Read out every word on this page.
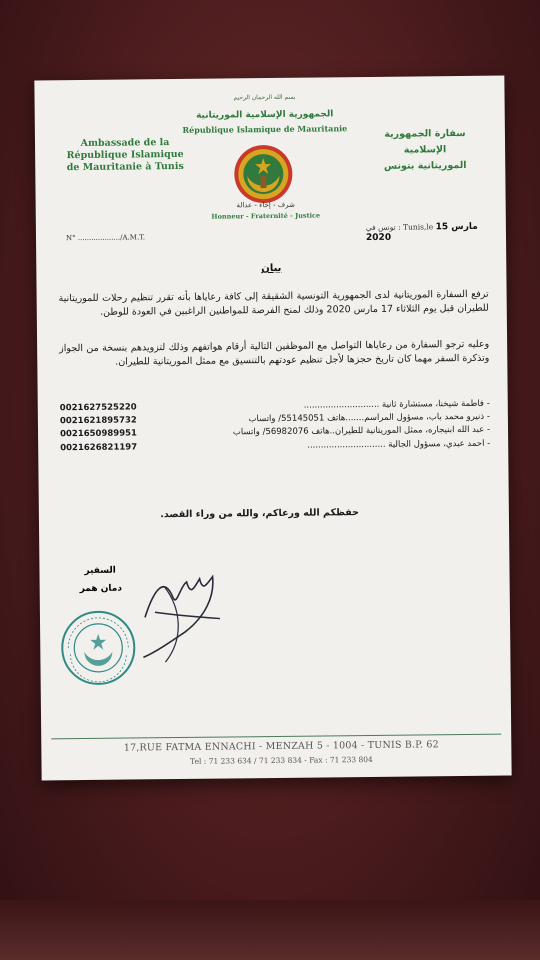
بسم الله الرحمان الرحيم
الجمهورية الإسلامية الموريتانية
République Islamique de Mauritanie
شرف - إخاء - عدالة
Honneur - Fraternité - Justice
Ambassade de la
République Islamique
de Mauritanie à Tunis
سفارة الجمهورية الإسلامية
الموريتانية بتونس
N° .................../A.M.T.
تونس في : Tunis,le 15 مارس 2020
بيان
ترفع السفارة الموريتانية لدى الجمهورية التونسية الشقيقة إلى كافة رعاياها بأنه تقرر تنظيم رحلات للموريتانية للطيران قبل يوم الثلاثاء 17 مارس 2020 وذلك لمنح الفرصة للمواطنين الراغبين في العودة للوطن.
وعليه ترجو السفارة من رعاياها التواصل مع الموظفين التالية أرقام هواتفهم وذلك لتزويدهم بنسخة من الجواز وتذكرة السفر مهما كان تاريخ حجزها لأجل تنظيم عودتهم بالتنسيق مع ممثل الموريتانية للطيران.
- فاطمة شيخنا، مستشارة ثانية ............................
0021627525220
- ذنيرو محمد باب، مسؤول المراسم.......هاتف 55145051/ واتساب
0021621895732
- عبد الله ابنيجاره، ممثل الموريتانية للطيران..هاتف 56982076/ واتساب
0021650989951
- احمد عبدي، مسؤول الجالية .............................
0021626821197
حفظكم الله ورعاكم، والله من وراء القصد.
السفير
دمان همر
17,RUE FATMA ENNACHI - MENZAH 5 - 1004 - TUNIS B.P. 62
Tel : 71 233 634 / 71 233 834 - Fax : 71 233 804
